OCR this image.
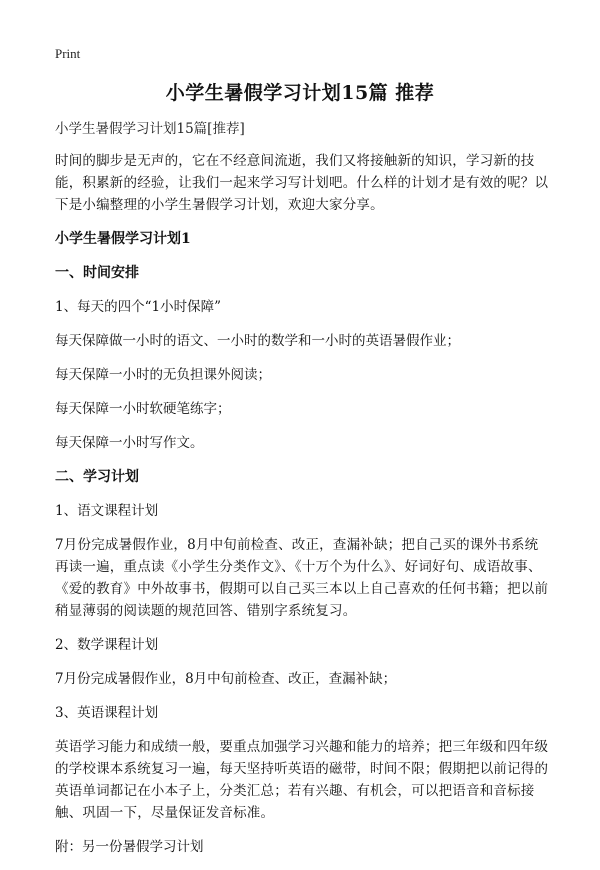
Print
小学生暑假学习计划15篇 推荐

小学生暑假学习计划15篇[推荐]

时间的脚步是无声的，它在不经意间流逝，我们又将接触新的知识，学习新的技能，积累新的经验，让我们一起来学习写计划吧。什么样的计划才是有效的呢？以下是小编整理的小学生暑假学习计划，欢迎大家分享。

小学生暑假学习计划1
一、时间安排

1、每天的四个“1小时保障”

每天保障做一小时的语文、一小时的数学和一小时的英语暑假作业；

每天保障一小时的无负担课外阅读；

每天保障一小时软硬笔练字；

每天保障一小时写作文。

二、学习计划

1、语文课程计划

7月份完成暑假作业，8月中旬前检查、改正，查漏补缺；把自己买的课外书系统再读一遍，重点读《小学生分类作文》、《十万个为什么》、好词好句、成语故事、《爱的教育》中外故事书，假期可以自己买三本以上自己喜欢的任何书籍；把以前稍显薄弱的阅读题的规范回答、错别字系统复习。

2、数学课程计划

7月份完成暑假作业，8月中旬前检查、改正，查漏补缺；

3、英语课程计划

英语学习能力和成绩一般，要重点加强学习兴趣和能力的培养；把三年级和四年级的学校课本系统复习一遍，每天坚持听英语的磁带，时间不限；假期把以前记得的英语单词都记在小本子上，分类汇总；若有兴趣、有机会，可以把语音和音标接触、巩固一下，尽量保证发音标准。

附：另一份暑假学习计划
